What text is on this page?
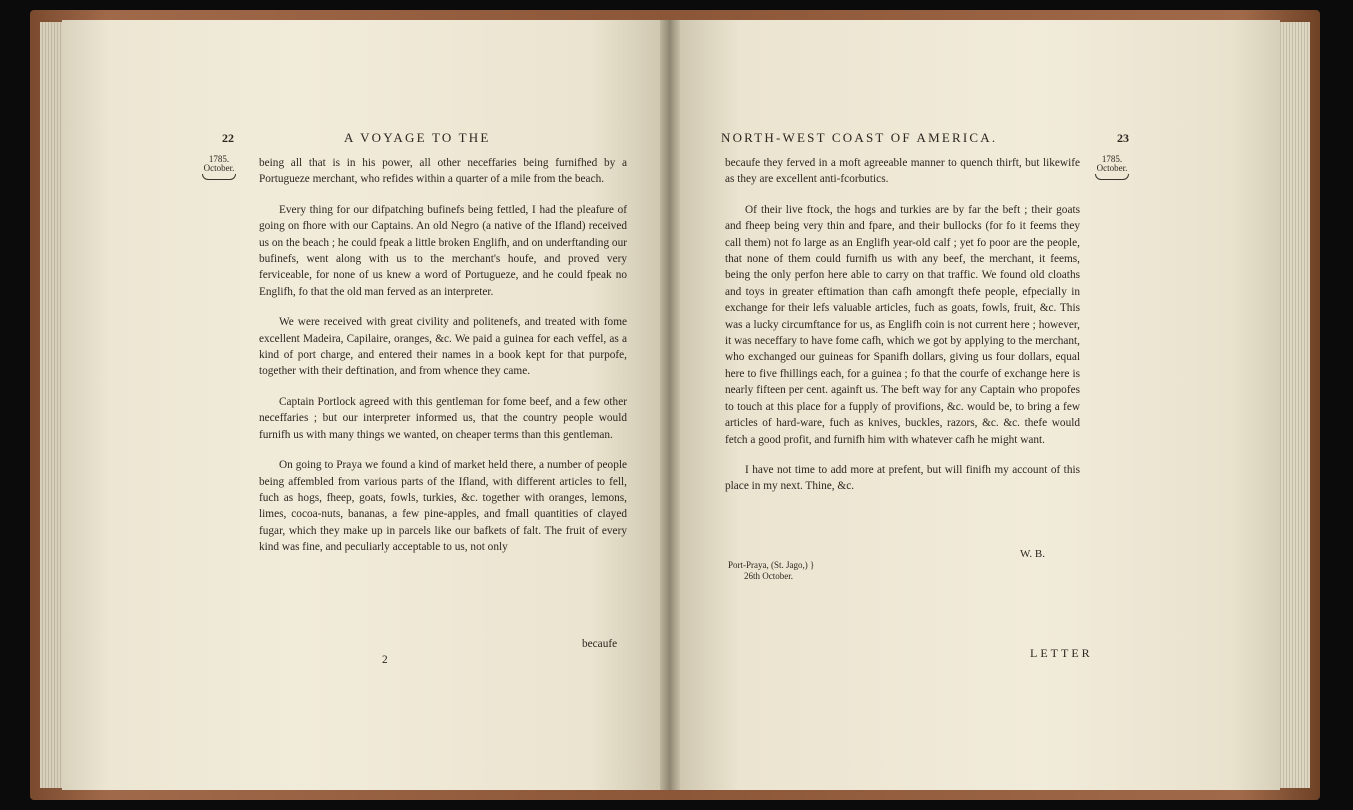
22	A VOYAGE TO THE
1785.
October. being all that is in his power, all other neceffaries being furnifhed by a Portugueze merchant, who refides within a quarter of a mile from the beach.

Every thing for our difpatching bufinefs being fettled, I had the pleafure of going on fhore with our Captains. An old Negro (a native of the Ifland) received us on the beach ; he could fpeak a little broken Englifh, and on underftanding our bufinefs, went along with us to the merchant's houfe, and proved very ferviceable, for none of us knew a word of Portugueze, and he could fpeak no Englifh, fo that the old man ferved as an interpreter.

We were received with great civility and politenefs, and treated with fome excellent Madeira, Capilaire, oranges, &c. We paid a guinea for each veffel, as a kind of port charge, and entered their names in a book kept for that purpofe, together with their deftination, and from whence they came.

Captain Portlock agreed with this gentleman for fome beef, and a few other neceffaries ; but our interpreter informed us, that the country people would furnifh us with many things we wanted, on cheaper terms than this gentleman.

On going to Praya we found a kind of market held there, a number of people being affembled from various parts of the Ifland, with different articles to fell, fuch as hogs, fheep, goats, fowls, turkies, &c. together with oranges, lemons, limes, cocoa-nuts, bananas, a few pine-apples, and fmall quantities of clayed fugar, which they make up in parcels like our bafkets of falt. The fruit of every kind was fine, and peculiarly acceptable to us, not only

becaufe
2
NORTH-WEST COAST OF AMERICA.	23
1785.
October.

becaufe they ferved in a moft agreeable manner to quench thirft, but likewife as they are excellent anti-fcorbutics.

Of their live ftock, the hogs and turkies are by far the beft ; their goats and fheep being very thin and fpare, and their bullocks (for fo it feems they call them) not fo large as an Englifh year-old calf ; yet fo poor are the people, that none of them could furnifh us with any beef, the merchant, it feems, being the only perfon here able to carry on that traffic. We found old cloaths and toys in greater eftimation than cafh amongft thefe people, efpecially in exchange for their lefs valuable articles, fuch as goats, fowls, fruit, &c. This was a lucky circumftance for us, as Englifh coin is not current here ; however, it was neceffary to have fome cafh, which we got by applying to the merchant, who exchanged our guineas for Spanifh dollars, giving us four dollars, equal here to five fhillings each, for a guinea ; fo that the courfe of exchange here is nearly fifteen per cent. againft us. The beft way for any Captain who propofes to touch at this place for a fupply of provifions, &c. would be, to bring a few articles of hard-ware, fuch as knives, buckles, razors, &c. &c. thefe would fetch a good profit, and furnifh him with whatever cafh he might want.

I have not time to add more at prefent, but will finifh my account of this place in my next. Thine, &c.

W. B.
Port-Praya, (St. Jago,) }
26th October.
LETTER
